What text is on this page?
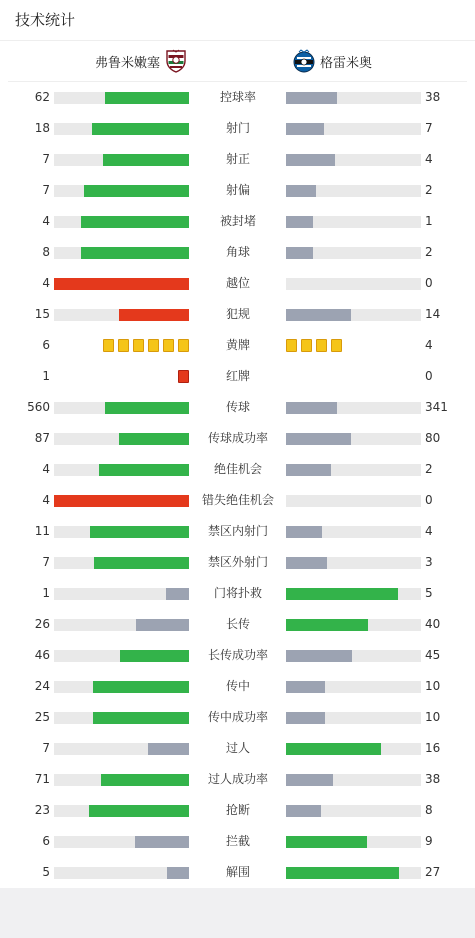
技术统计
弗鲁米嫩塞	格雷米奥
62	控球率	38
18	射门	7
7	射正	4
7	射偏	2
4	被封堵	1
8	角球	2
4	越位	0
15	犯规	14
6	黄牌	4
1	红牌	0
560	传球	341
87	传球成功率	80
4	绝佳机会	2
4	错失绝佳机会	0
11	禁区内射门	4
7	禁区外射门	3
1	门将扑救	5
26	长传	40
46	长传成功率	45
24	传中	10
25	传中成功率	10
7	过人	16
71	过人成功率	38
23	抢断	8
6	拦截	9
5	解围	27
